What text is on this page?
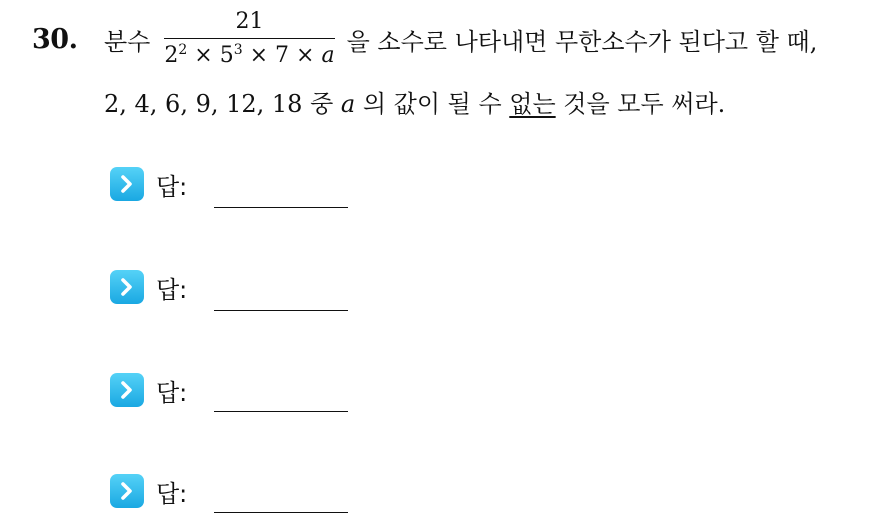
30. 분수 $\frac{21}{2^2 \times 5^3 \times 7 \times a}$ 을 소수로 나타내면 무한소수가 된다고 할 때,
2, 4, 6, 9, 12, 18 중 a 의 값이 될 수 없는 것을 모두 써라.
답:
답:
답:
답:
